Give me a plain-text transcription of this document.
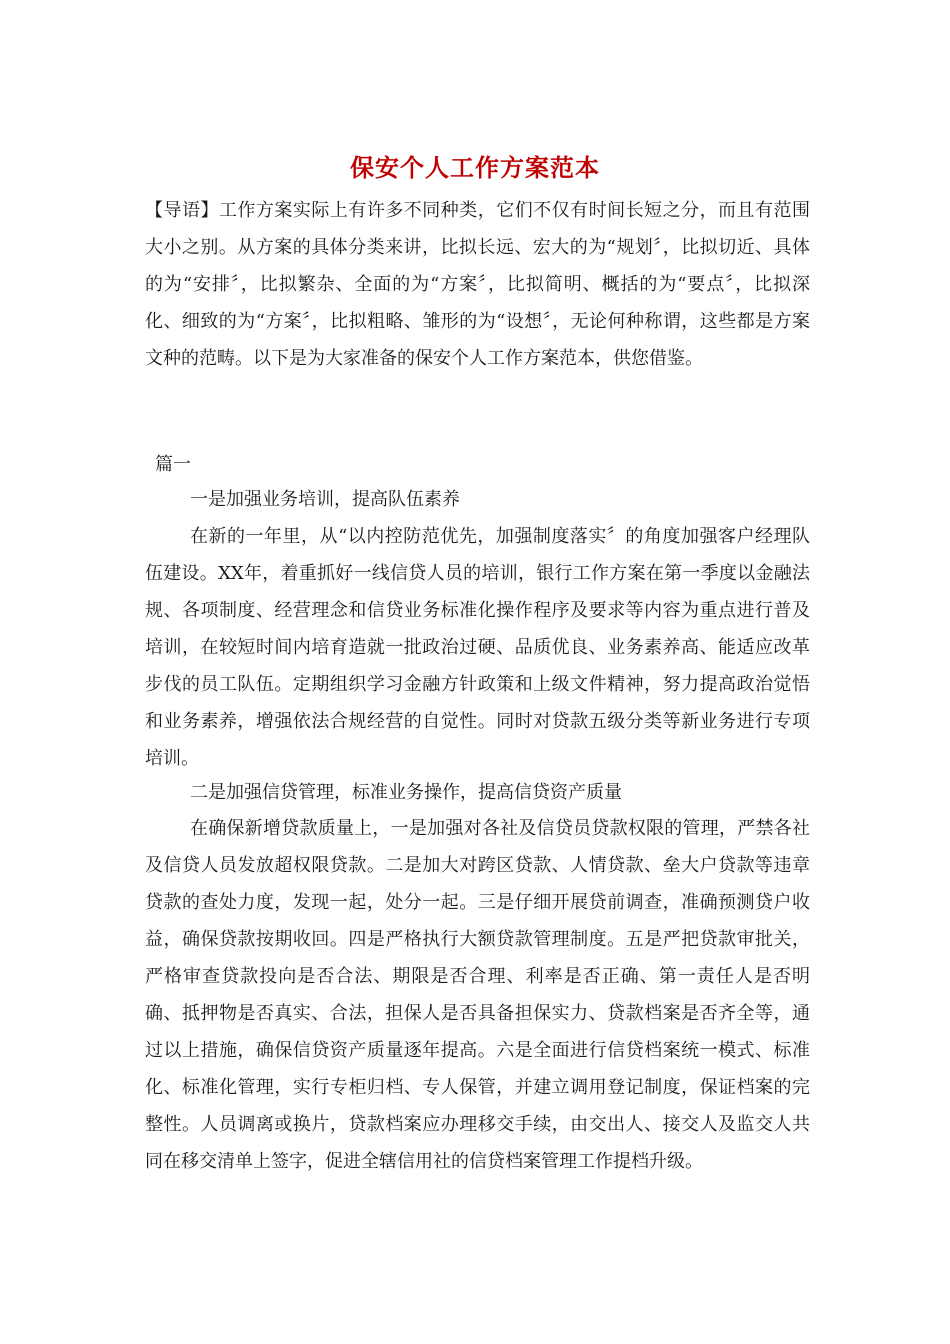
保安个人工作方案范本

【导语】工作方案实际上有许多不同种类，它们不仅有时间长短之分，而且有范围大小之别。从方案的具体分类来讲，比拟长远、宏大的为“规划〞，比拟切近、具体的为“安排〞，比拟繁杂、全面的为“方案〞，比拟简明、概括的为“要点〞，比拟深化、细致的为“方案〞，比拟粗略、雏形的为“设想〞，无论何种称谓，这些都是方案文种的范畴。以下是为大家准备的保安个人工作方案范本，供您借鉴。

篇一

一是加强业务培训，提高队伍素养

在新的一年里，从“以内控防范优先，加强制度落实〞的角度加强客户经理队伍建设。XX年，着重抓好一线信贷人员的培训，银行工作方案在第一季度以金融法规、各项制度、经营理念和信贷业务标准化操作程序及要求等内容为重点进行普及培训，在较短时间内培育造就一批政治过硬、品质优良、业务素养高、能适应改革步伐的员工队伍。定期组织学习金融方针政策和上级文件精神，努力提高政治觉悟和业务素养，增强依法合规经营的自觉性。同时对贷款五级分类等新业务进行专项培训。

二是加强信贷管理，标准业务操作，提高信贷资产质量

在确保新增贷款质量上，一是加强对各社及信贷员贷款权限的管理，严禁各社及信贷人员发放超权限贷款。二是加大对跨区贷款、人情贷款、垒大户贷款等违章贷款的查处力度，发现一起，处分一起。三是仔细开展贷前调查，准确预测贷户收益，确保贷款按期收回。四是严格执行大额贷款管理制度。五是严把贷款审批关，严格审查贷款投向是否合法、期限是否合理、利率是否正确、第一责任人是否明确、抵押物是否真实、合法，担保人是否具备担保实力、贷款档案是否齐全等，通过以上措施，确保信贷资产质量逐年提高。六是全面进行信贷档案统一模式、标准化、标准化管理，实行专柜归档、专人保管，并建立调用登记制度，保证档案的完整性。人员调离或换片，贷款档案应办理移交手续，由交出人、接交人及监交人共同在移交清单上签字，促进全辖信用社的信贷档案管理工作提档升级。
